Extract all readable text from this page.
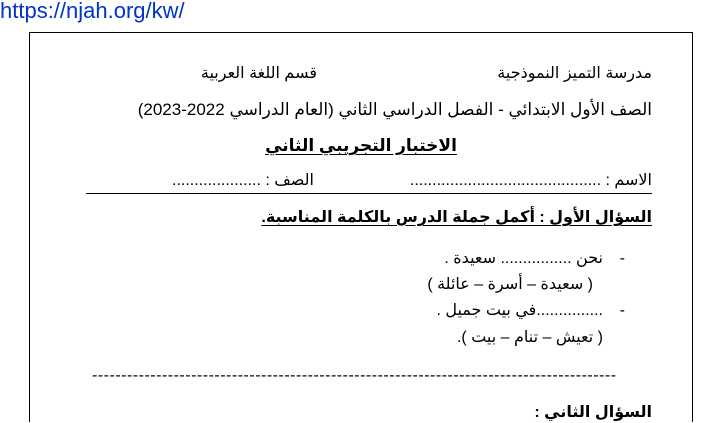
https://njah.org/kw/
مدرسة التميز النموذجية
قسم اللغة العربية
الصف الأول الابتدائي - الفصل الدراسي الثاني (العام الدراسي 2022-2023)
الاختبار التجريبي الثاني
الاسم : ...........................................
الصف : ....................
السؤال الأول : أكمل جملة الدرس بالكلمة المناسبة.
-نحن ................ سعيدة .
( سعيدة – أسرة – عائلة )
-...............في بيت جميل .
( تعيش – تنام – بيت ).
------------------------------------------------------------------------------------------
السؤال الثاني :
